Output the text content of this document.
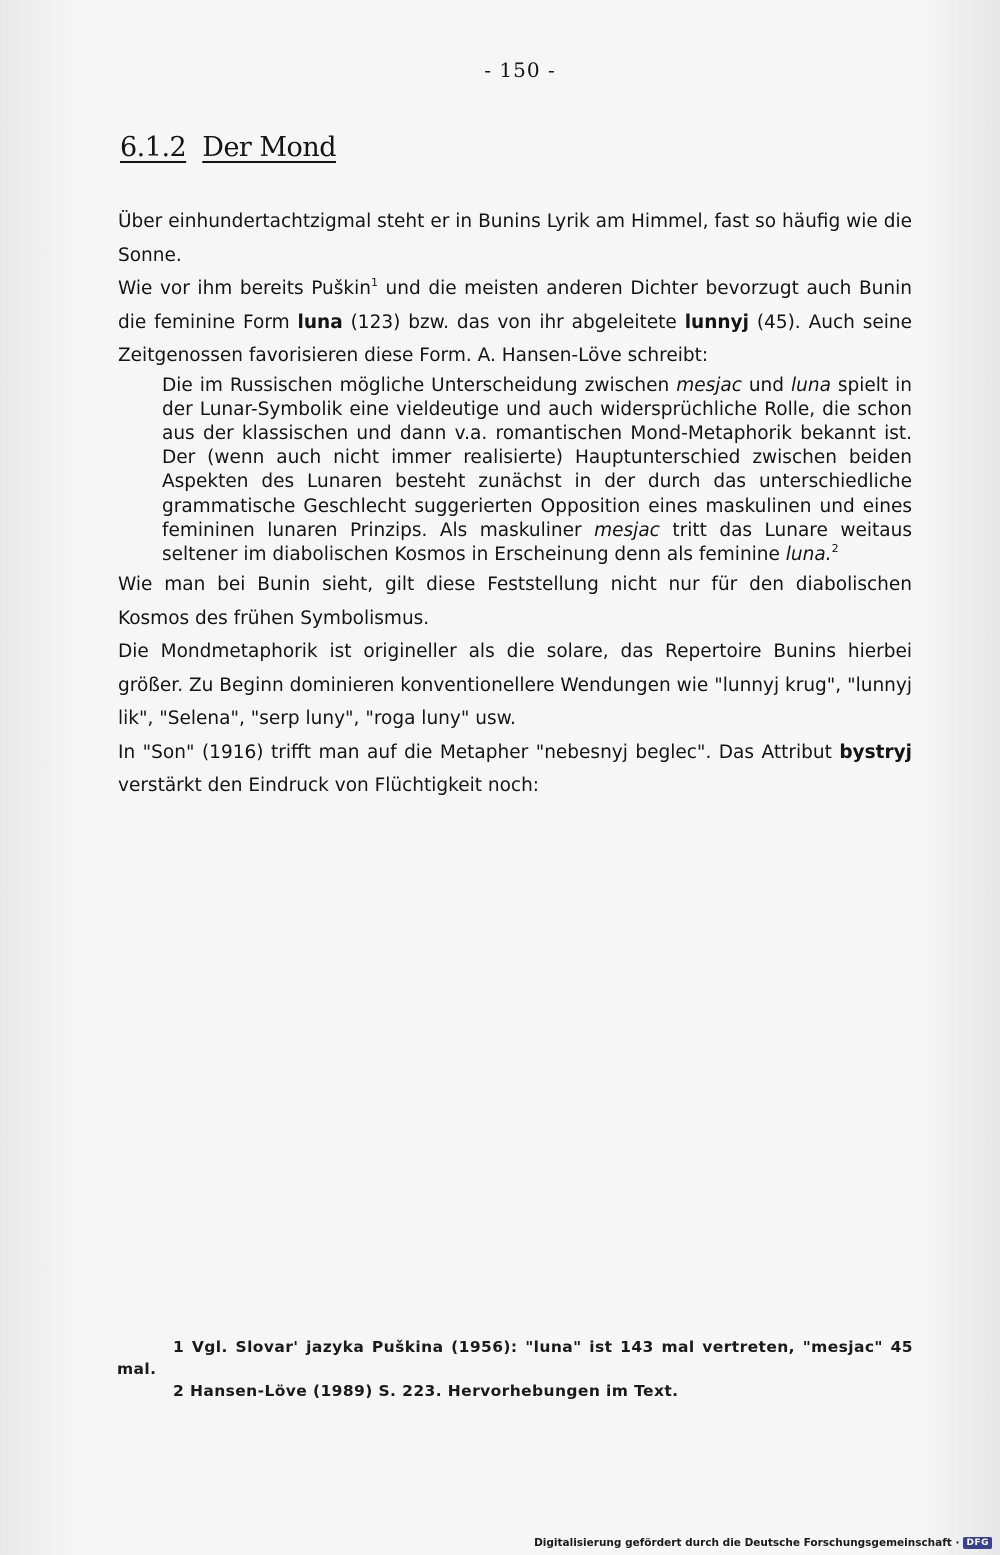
- 150 -
6.1.2 Der Mond

Über einhundertachtzigmal steht er in Bunins Lyrik am Himmel, fast so häufig wie die Sonne.

Wie vor ihm bereits Puškin$^1$ und die meisten anderen Dichter bevorzugt auch Bunin die feminine Form luna (123) bzw. das von ihr abgeleitete lunnyj (45). Auch seine Zeitgenossen favorisieren diese Form. A. Hansen-Löve schreibt:

Die im Russischen mögliche Unterscheidung zwischen mesjac und luna spielt in der Lunar-Symbolik eine vieldeutige und auch widersprüchliche Rolle, die schon aus der klassischen und dann v.a. romantischen Mond-Metaphorik bekannt ist. Der (wenn auch nicht immer realisierte) Hauptunterschied zwischen beiden Aspekten des Lunaren besteht zunächst in der durch das unterschiedliche grammatische Geschlecht suggerierten Opposition eines maskulinen und eines femininen lunaren Prinzips. Als maskuliner mesjac tritt das Lunare weitaus seltener im diabolischen Kosmos in Erscheinung denn als feminine luna.$^2$

Wie man bei Bunin sieht, gilt diese Feststellung nicht nur für den diabolischen Kosmos des frühen Symbolismus.

Die Mondmetaphorik ist origineller als die solare, das Repertoire Bunins hierbei größer. Zu Beginn dominieren konventionellere Wendungen wie "lunnyj krug", "lunnyj lik", "Selena", "serp luny", "roga luny" usw.

In "Son" (1916) trifft man auf die Metapher "nebesnyj beglec". Das Attribut bystryj verstärkt den Eindruck von Flüchtigkeit noch:

1 Vgl. Slovar' jazyka Puškina (1956): "luna" ist 143 mal vertreten, "mesjac" 45 mal.

2 Hansen-Löve (1989) S. 223. Hervorhebungen im Text.

Digitalisierung gefördert durch die Deutsche Forschungsgemeinschaft · DFG
